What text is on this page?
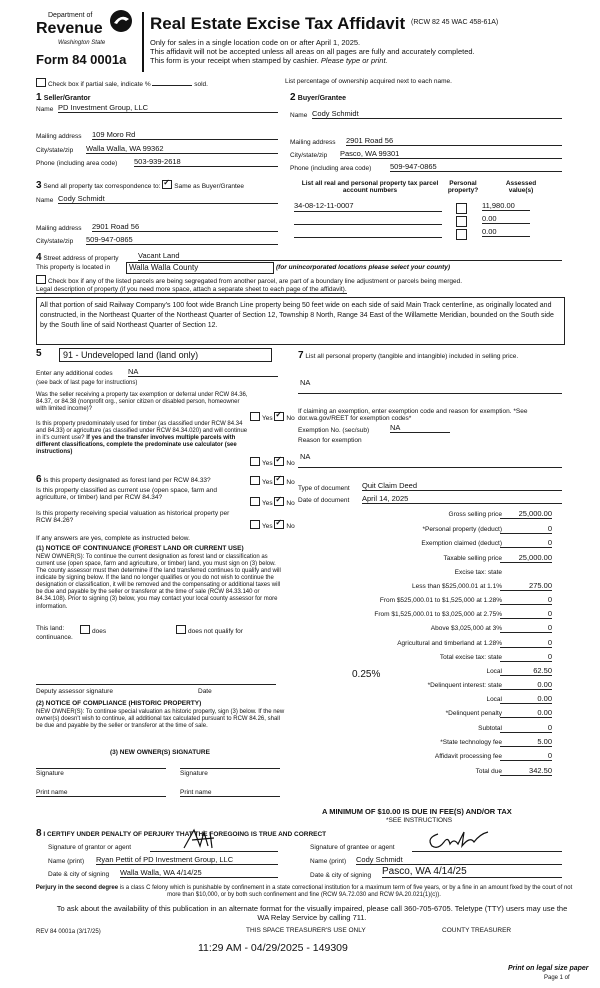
Department of
Revenue
Washington State
Form 84 0001a
Real Estate Excise Tax Affidavit (RCW 82 45 WAC 458-61A)
Only for sales in a single location code on or after April 1, 2025.
This affidavit will not be accepted unless all areas on all pages are fully and accurately completed.
This form is your receipt when stamped by cashier. Please type or print.
Check box if partial sale, indicate %	sold.	List percentage of ownership acquired next to each name.
1 Seller/Grantor
Name PD Investment Group, LLC
Mailing address 109 Moro Rd
City/state/zip Walla Walla, WA 99362
Phone (including area code) 503-939-2618
2 Buyer/Grantee
Name Cody Schmidt
Mailing address 2901 Road 56
City/state/zip Pasco, WA 99301
Phone (including area code) 509-947-0865
3 Send all property tax correspondence to: ✓ Same as Buyer/Grantee
Name Cody Schmidt
Mailing address 2901 Road 56
City/state/zip 509-947-0865
List all real and personal property tax parcel account numbers
Personal property?
Assessed value(s)
34-08-12-11-0007	11,980.00
0.00
0.00
4 Street address of property	Vacant Land
This property is located in	Walla Walla County	(for unincorporated locations please select your county)
Check box if any of the listed parcels are being segregated from another parcel, are part of a boundary line adjustment or parcels being merged.
Legal description of property (if you need more space, attach a separate sheet to each page of the affidavit).
All that portion of said Railway Company's 100 foot wide Branch Line property being 50 feet wide on each side of said Main Track centerline, as originally located and constructed, in the Northeast Quarter of the Northeast Quarter of Section 12, Township 8 North, Range 34 East of the Willamette Meridian, bounded on the South side by the South line of said Northeast Quarter of Section 12.
5	91 - Undeveloped land (land only)
Enter any additional codes NA
(see back of last page for instructions)
Was the seller receiving a property tax exemption or deferral under RCW 84.36, 84.37, or 84.38 (nonprofit org., senior citizen or disabled person, homeowner with limited income)?
Yes ✓ No
Is this property predominately used for timber (as classified under RCW 84.34 and 84.33) or agriculture (as classified under RCW 84.34.020) and will continue in it's current use? If yes and the transfer involves multiple parcels with different classifications, complete the predominate use calculator (see instructions)
Yes ✓ No
6 Is this property designated as forest land per RCW 84.33?	Yes ✓ No
Is this property classified as current use (open space, farm and agriculture, or timber) land per RCW 84.34?
Yes ✓ No
Is this property receiving special valuation as historical property per RCW 84.26?
Yes ✓ No
If any answers are yes, complete as instructed below.
(1) NOTICE OF CONTINUANCE (FOREST LAND OR CURRENT USE)
NEW OWNER(S): To continue the current designation as forest land or classification as current use (open space, farm and agriculture, or timber) land, you must sign on (3) below. The county assessor must then determine if the land transferred continues to qualify and will indicate by signing below. If the land no longer qualifies or you do not wish to continue the designation or classification, it will be removed and the compensating or additional taxes will be due and payable by the seller or transferor at the time of sale (RCW 84.33.140 or 84.34.108). Prior to signing (3) below, you may contact your local county assessor for more information.
This land:	does	does not qualify for
continuance.
Deputy assessor signature	Date
(2) NOTICE OF COMPLIANCE (HISTORIC PROPERTY)
NEW OWNER(S): To continue special valuation as historic property, sign (3) below. If the new owner(s) doesn't wish to continue, all additional tax calculated pursuant to RCW 84.26, shall be due and payable by the seller or transferor at the time of sale.
(3) NEW OWNER(S) SIGNATURE
Signature	Signature
Print name	Print name
7 List all personal property (tangible and intangible) included in selling price.
NA
If claiming an exemption, enter exemption code and reason for exemption. *See dor.wa.gov/REET for exemption codes*
Exemption No. (sec/sub)	NA
Reason for exemption
NA
Type of document Quit Claim Deed
Date of document April 14, 2025
Gross selling price	25,000.00
*Personal property (deduct)	0
Exemption claimed (deduct)	0
Taxable selling price	25,000.00
Excise tax: state
Less than $525,000.01 at 1.1%	275.00
From $525,000.01 to $1,525,000 at 1.28%	0
From $1,525,000.01 to $3,025,000 at 2.75%	0
Above $3,025,000 at 3%	0
Agricultural and timberland at 1.28%	0
Total excise tax: state	0
Local	62.50
*Delinquent interest: state	0.00
Local	0.00
*Delinquent penalty	0.00
Subtotal	0
*State technology fee	5.00
Affidavit processing fee	0
Total due	342.50
0.25%
A MINIMUM OF $10.00 IS DUE IN FEE(S) AND/OR TAX
*SEE INSTRUCTIONS
8 I CERTIFY UNDER PENALTY OF PERJURY THAT THE FOREGOING IS TRUE AND CORRECT
Signature of grantor or agent
Name (print) Ryan Pettit of PD Investment Group, LLC
Date & city of signing Walla Walla, WA 4/14/25
Signature of grantee or agent
Name (print) Cody Schmidt
Date & city of signing Pasco, WA 4/14/25
Perjury in the second degree is a class C felony which is punishable by confinement in a state correctional institution for a maximum term of five years, or by a fine in an amount fixed by the court of not more than $10,000, or by both such confinement and fine (RCW 9A.72.030 and RCW 9A.20.021(1)(c)).
To ask about the availability of this publication in an alternate format for the visually impaired, please call 360-705-6705. Teletype (TTY) users may use the WA Relay Service by calling 711.
REV 84 0001a (3/17/25)	THIS SPACE TREASURER'S USE ONLY	COUNTY TREASURER
11:29 AM - 04/29/2025 - 149309
Print on legal size paper
Page 1 of
